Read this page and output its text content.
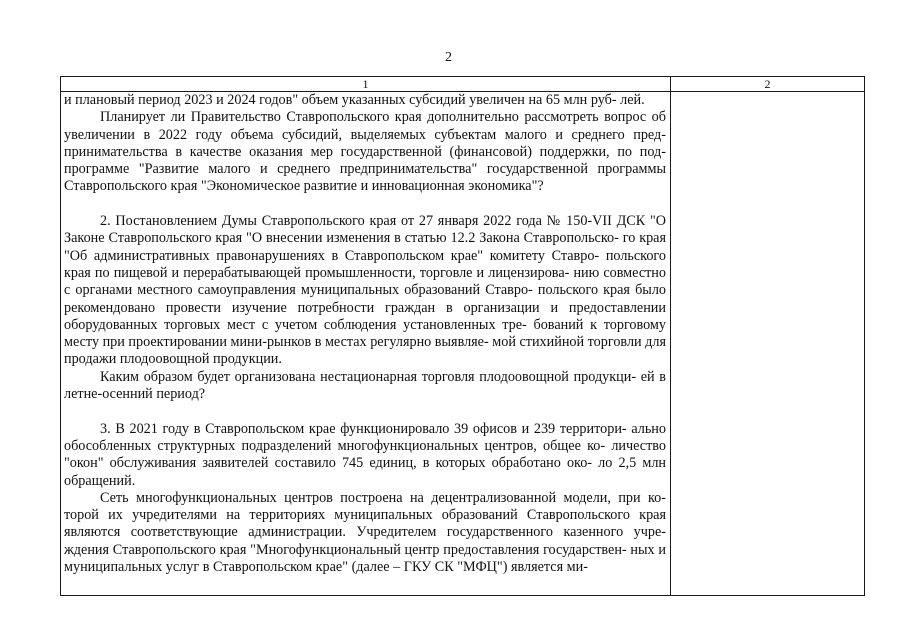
2
1	2

и плановый период 2023 и 2024 годов" объем указанных субсидий увеличен на 65 млн руб- лей.

Планирует ли Правительство Ставропольского края дополнительно рассмотреть вопрос об увеличении в 2022 году объема субсидий, выделяемых субъектам малого и среднего пред- принимательства в качестве оказания мер государственной (финансовой) поддержки, по под- программе "Развитие малого и среднего предпринимательства" государственной программы Ставропольского края "Экономическое развитие и инновационная экономика"?

2. Постановлением Думы Ставропольского края от 27 января 2022 года № 150-VII ДСК "О Законе Ставропольского края "О внесении изменения в статью 12.2 Закона Ставропольско- го края "Об административных правонарушениях в Ставропольском крае" комитету Ставро- польского края по пищевой и перерабатывающей промышленности, торговле и лицензирова- нию совместно с органами местного самоуправления муниципальных образований Ставро- польского края было рекомендовано провести изучение потребности граждан в организации и предоставлении оборудованных торговых мест с учетом соблюдения установленных тре- бований к торговому месту при проектировании мини-рынков в местах регулярно выявляе- мой стихийной торговли для продажи плодоовощной продукции.

Каким образом будет организована нестационарная торговля плодоовощной продукци- ей в летне-осенний период?

3. В 2021 году в Ставропольском крае функционировало 39 офисов и 239 территори- ально обособленных структурных подразделений многофункциональных центров, общее ко- личество "окон" обслуживания заявителей составило 745 единиц, в которых обработано око- ло 2,5 млн обращений.

Сеть многофункциональных центров построена на децентрализованной модели, при ко- торой их учредителями на территориях муниципальных образований Ставропольского края являются соответствующие администрации. Учредителем государственного казенного учре- ждения Ставропольского края "Многофункциональный центр предоставления государствен- ных и муниципальных услуг в Ставропольском крае" (далее – ГКУ СК "МФЦ") является ми-
